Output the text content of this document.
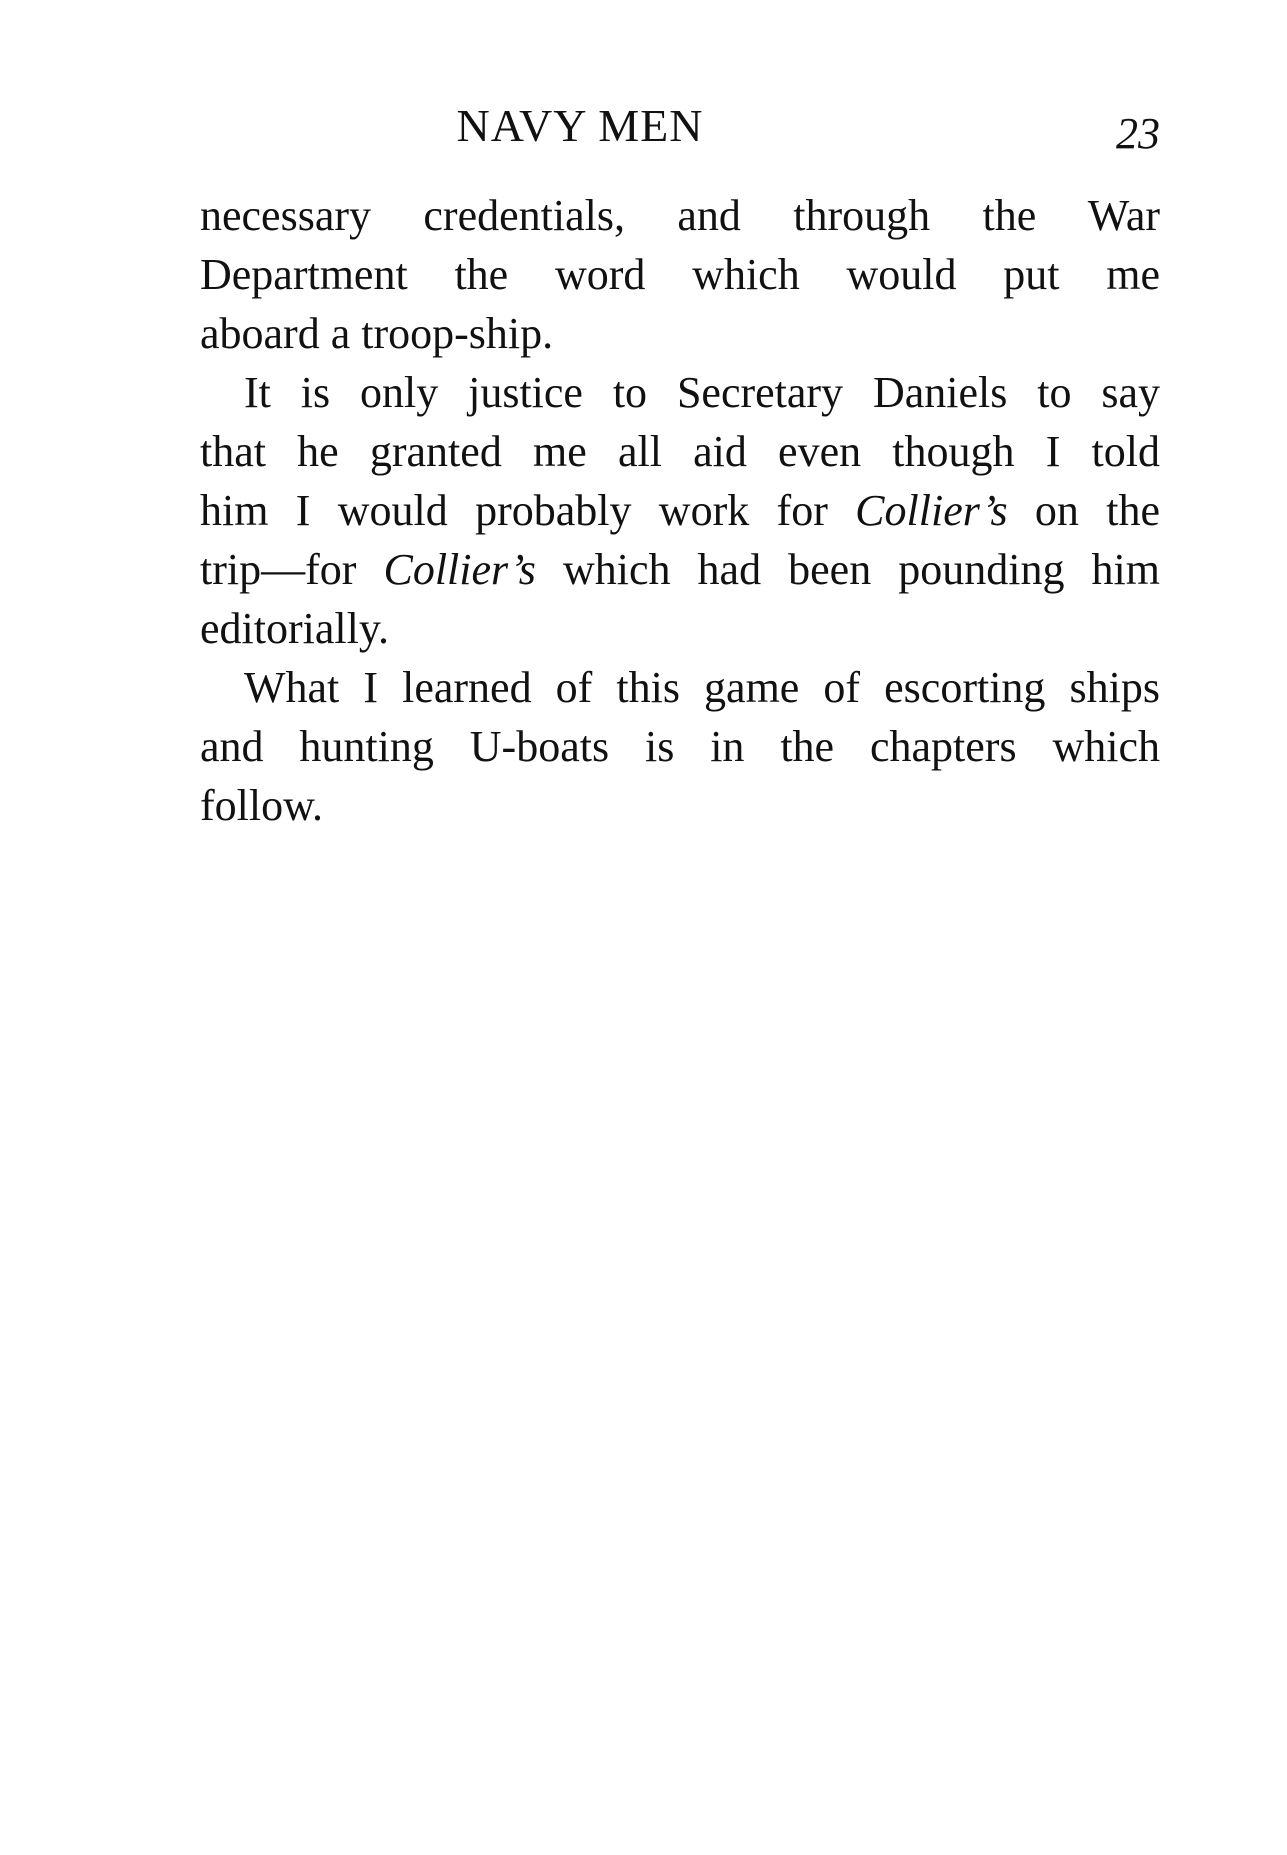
NAVY MEN	23

necessary credentials, and through the War
Department the word which would put me
aboard a troop-ship.

It is only justice to Secretary Daniels to say
that he granted me all aid even though I told
him I would probably work for Collier’s on the
trip—for Collier’s which had been pounding him
editorially.

What I learned of this game of escorting ships
and hunting U-boats is in the chapters which
follow.
